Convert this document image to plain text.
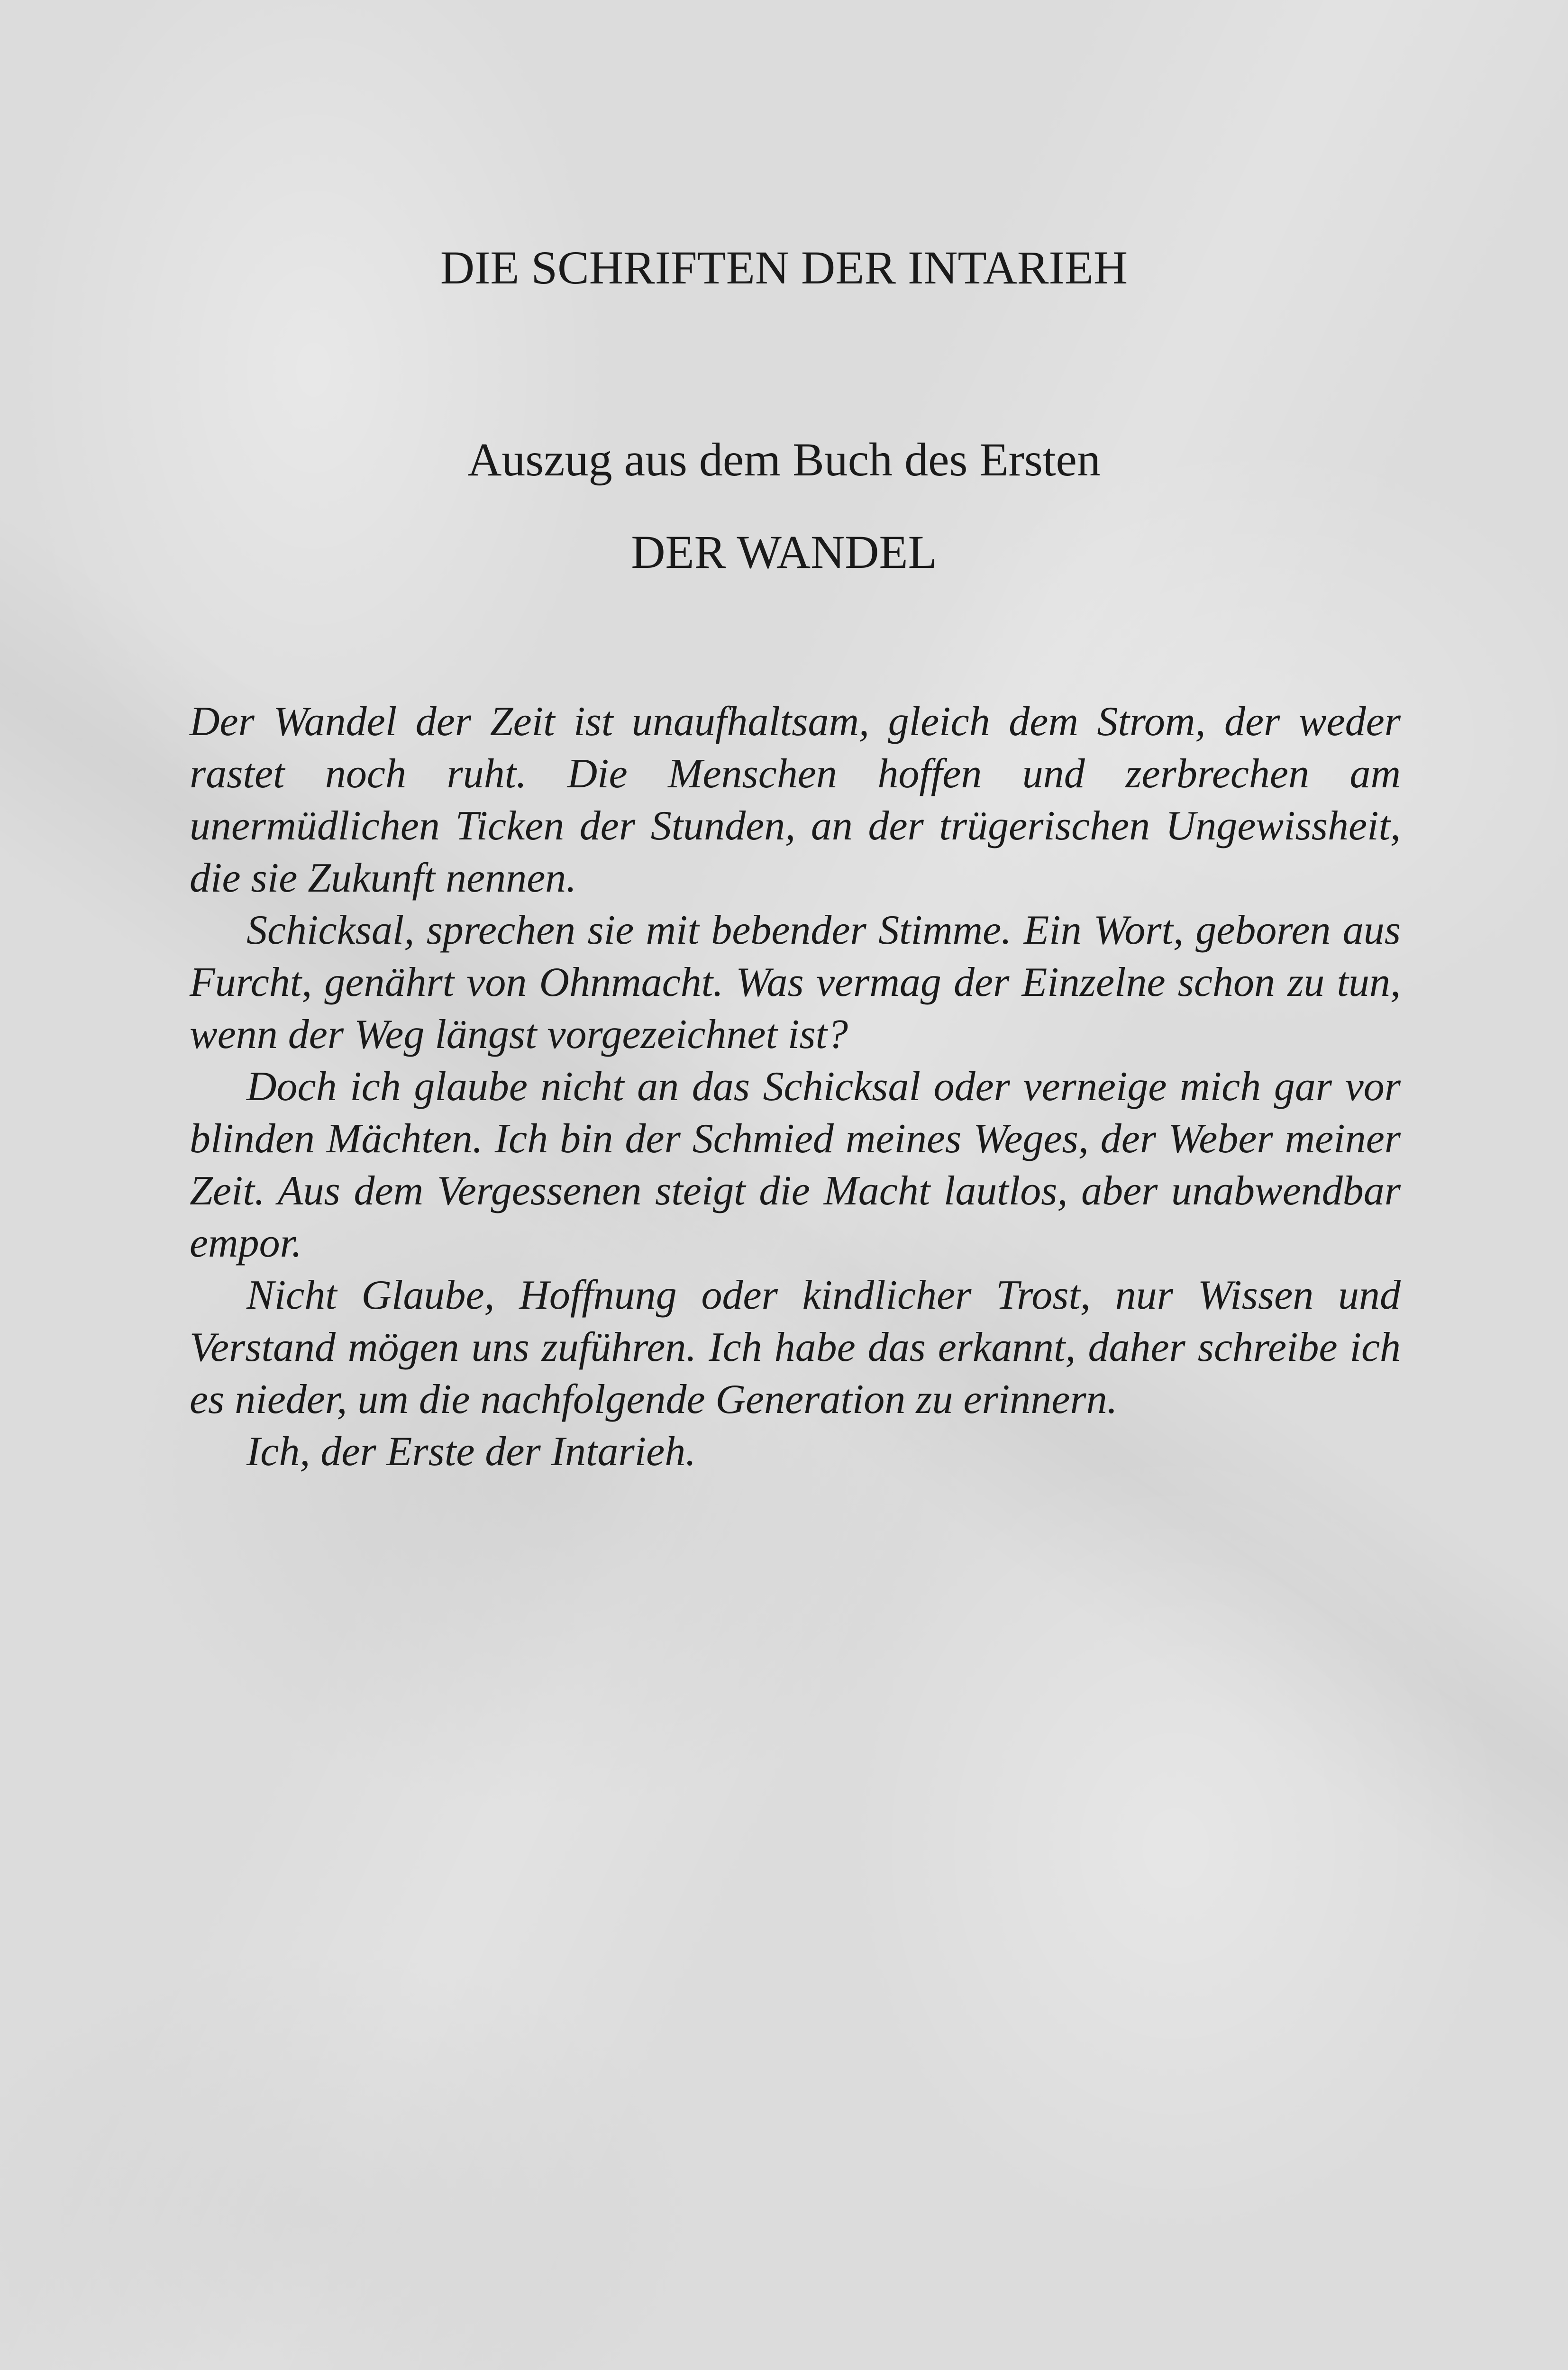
DIE SCHRIFTEN DER INTARIEH
Auszug aus dem Buch des Ersten
DER WANDEL

Der Wandel der Zeit ist unaufhaltsam, gleich dem Strom, der weder rastet noch ruht. Die Menschen hoffen und zerbrechen am unermüdlichen Ticken der Stunden, an der trügerischen Ungewissheit, die sie Zukunft nennen.

Schicksal, sprechen sie mit bebender Stimme. Ein Wort, geboren aus Furcht, genährt von Ohnmacht. Was vermag der Einzelne schon zu tun, wenn der Weg längst vorgezeichnet ist?

Doch ich glaube nicht an das Schicksal oder verneige mich gar vor blinden Mächten. Ich bin der Schmied meines Weges, der Weber meiner Zeit. Aus dem Vergessenen steigt die Macht lautlos, aber unabwendbar empor.

Nicht Glaube, Hoffnung oder kindlicher Trost, nur Wissen und Verstand mögen uns zuführen. Ich habe das erkannt, daher schreibe ich es nieder, um die nachfolgende Generation zu erinnern.

Ich, der Erste der Intarieh.
